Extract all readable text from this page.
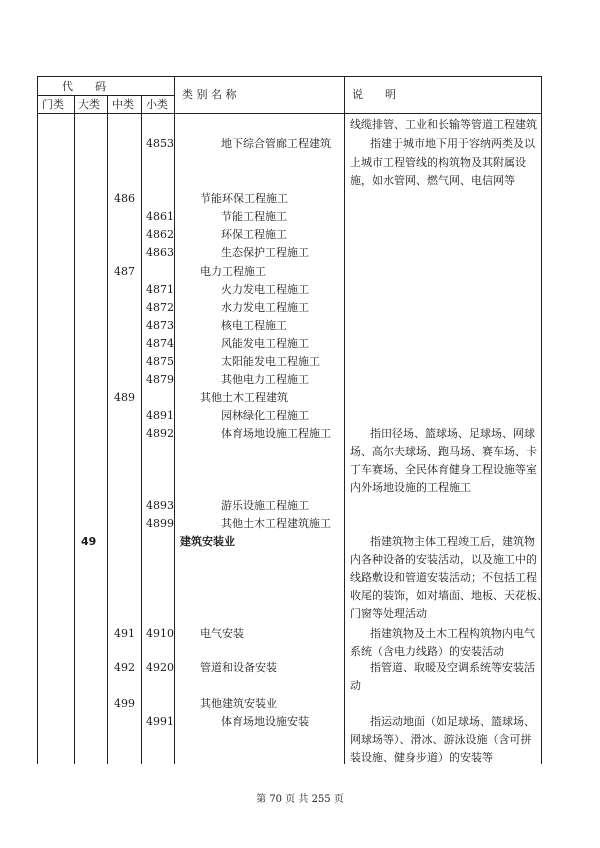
代　　码
门类 大类 中类 小类
类 别 名 称	说　　明
线缆排管、工业和长输等管道工程建筑
4853	地下综合管廊工程建筑	指建于城市地下用于容纳两类及以
上城市工程管线的构筑物及其附属设
施，如水管网、燃气网、电信网等
486	节能环保工程施工
4861	节能工程施工
4862	环保工程施工
4863	生态保护工程施工
487	电力工程施工
4871	火力发电工程施工
4872	水力发电工程施工
4873	核电工程施工
4874	风能发电工程施工
4875	太阳能发电工程施工
4879	其他电力工程施工
489	其他土木工程建筑
4891	园林绿化工程施工
4892	体育场地设施工程施工	指田径场、篮球场、足球场、网球
场、高尔夫球场、跑马场、赛车场、卡
丁车赛场、全民体育健身工程设施等室
内外场地设施的工程施工
4893	游乐设施工程施工
4899	其他土木工程建筑施工
49	建筑安装业	指建筑物主体工程竣工后，建筑物
内各种设备的安装活动，以及施工中的
线路敷设和管道安装活动；不包括工程
收尾的装饰，如对墙面、地板、天花板、
门窗等处理活动
491 4910 电气安装	指建筑物及土木工程构筑物内电气
系统（含电力线路）的安装活动
492 4920 管道和设备安装	指管道、取暖及空调系统等安装活
动
499	其他建筑安装业
4991	体育场地设施安装	指运动地面（如足球场、篮球场、
网球场等）、滑冰、游泳设施（含可拼
装设施、健身步道）的安装等
第 70 页 共 255 页
